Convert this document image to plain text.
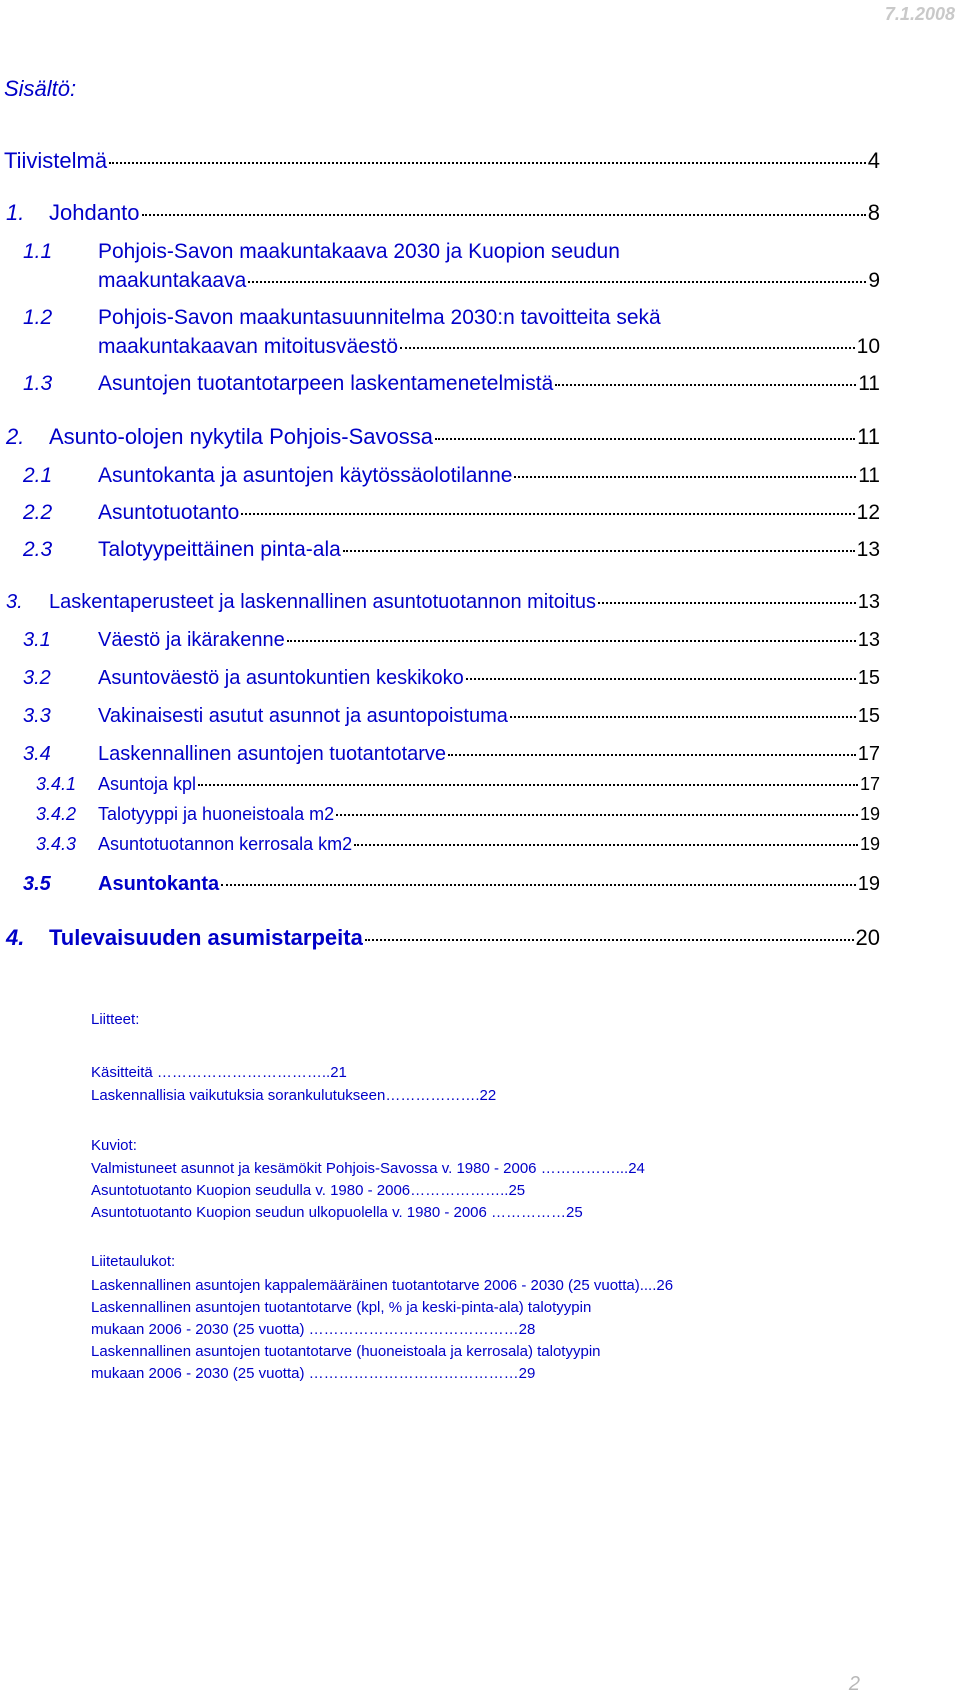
7.1.2008
Sisältö:
Tiivistelmä	4
1.	Johdanto	8
1.1	Pohjois-Savon maakuntakaava 2030 ja Kuopion seudun
maakuntakaava	9
1.2	Pohjois-Savon maakuntasuunnitelma 2030:n tavoitteita sekä
maakuntakaavan mitoitusväestö	10
1.3	Asuntojen tuotantotarpeen laskentamenetelmistä	11
2.	Asunto-olojen nykytila Pohjois-Savossa	11
2.1	Asuntokanta ja asuntojen käytössäolotilanne	11
2.2	Asuntotuotanto	12
2.3	Talotyypeittäinen pinta-ala	13
3.	Laskentaperusteet ja laskennallinen asuntotuotannon mitoitus	13
3.1	Väestö ja ikärakenne	13
3.2	Asuntoväestö ja asuntokuntien keskikoko	15
3.3	Vakinaisesti asutut asunnot ja asuntopoistuma	15
3.4	Laskennallinen asuntojen tuotantotarve	17
3.4.1	Asuntoja kpl	17
3.4.2	Talotyyppi ja huoneistoala m2	19
3.4.3	Asuntotuotannon kerrosala km2	19
3.5	Asuntokanta	19
4.	Tulevaisuuden asumistarpeita	20
Liitteet:
Käsitteitä ……………………………..21
Laskennallisia vaikutuksia sorankulutukseen……………….22
Kuviot:
Valmistuneet asunnot ja kesämökit Pohjois-Savossa v. 1980 - 2006 ……………...24
Asuntotuotanto Kuopion seudulla v. 1980 - 2006………………..25
Asuntotuotanto Kuopion seudun ulkopuolella v. 1980 - 2006 ……………25
Liitetaulukot:
Laskennallinen asuntojen kappalemääräinen tuotantotarve 2006 - 2030 (25 vuotta)....26
Laskennallinen asuntojen tuotantotarve (kpl, % ja keski-pinta-ala) talotyypin
mukaan 2006 - 2030 (25 vuotta) ……………………………………28
Laskennallinen asuntojen tuotantotarve (huoneistoala ja kerrosala) talotyypin
mukaan 2006 - 2030 (25 vuotta) ……………………………………29
2
